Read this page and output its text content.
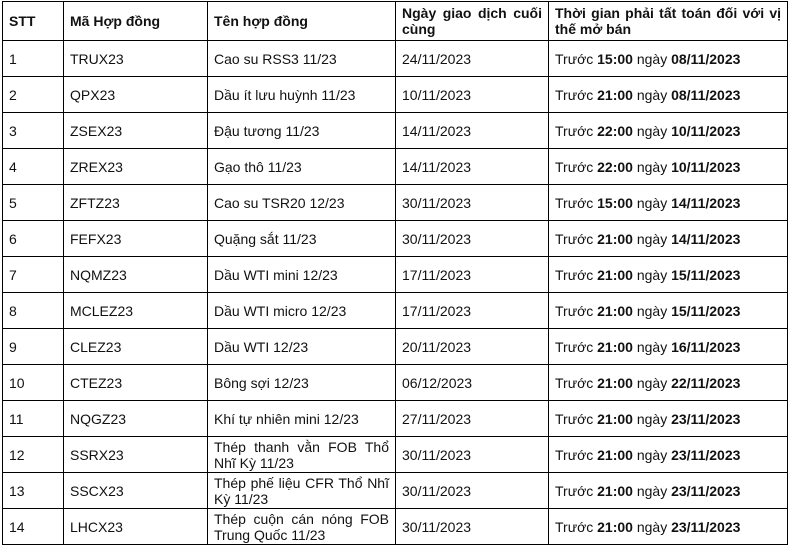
STT	Mã Hợp đồng	Tên hợp đồng	Ngày giao dịch cuối cùng	Thời gian phải tất toán đối với vị thế mở bán
1	TRUX23	Cao su RSS3 11/23	24/11/2023	Trước 15:00 ngày 08/11/2023
2	QPX23	Dầu ít lưu huỳnh 11/23	10/11/2023	Trước 21:00 ngày 08/11/2023
3	ZSEX23	Đậu tương 11/23	14/11/2023	Trước 22:00 ngày 10/11/2023
4	ZREX23	Gạo thô 11/23	14/11/2023	Trước 22:00 ngày 10/11/2023
5	ZFTZ23	Cao su TSR20 12/23	30/11/2023	Trước 15:00 ngày 14/11/2023
6	FEFX23	Quặng sắt 11/23	30/11/2023	Trước 21:00 ngày 14/11/2023
7	NQMZ23	Dầu WTI mini 12/23	17/11/2023	Trước 21:00 ngày 15/11/2023
8	MCLEZ23	Dầu WTI micro 12/23	17/11/2023	Trước 21:00 ngày 15/11/2023
9	CLEZ23	Dầu WTI 12/23	20/11/2023	Trước 21:00 ngày 16/11/2023
10	CTEZ23	Bông sợi 12/23	06/12/2023	Trước 21:00 ngày 22/11/2023
11	NQGZ23	Khí tự nhiên mini 12/23	27/11/2023	Trước 21:00 ngày 23/11/2023
12	SSRX23	Thép thanh vằn FOB Thổ Nhĩ Kỳ 11/23	30/11/2023	Trước 21:00 ngày 23/11/2023
13	SSCX23	Thép phế liệu CFR Thổ Nhĩ Kỳ 11/23	30/11/2023	Trước 21:00 ngày 23/11/2023
14	LHCX23	Thép cuộn cán nóng FOB Trung Quốc 11/23	30/11/2023	Trước 21:00 ngày 23/11/2023
